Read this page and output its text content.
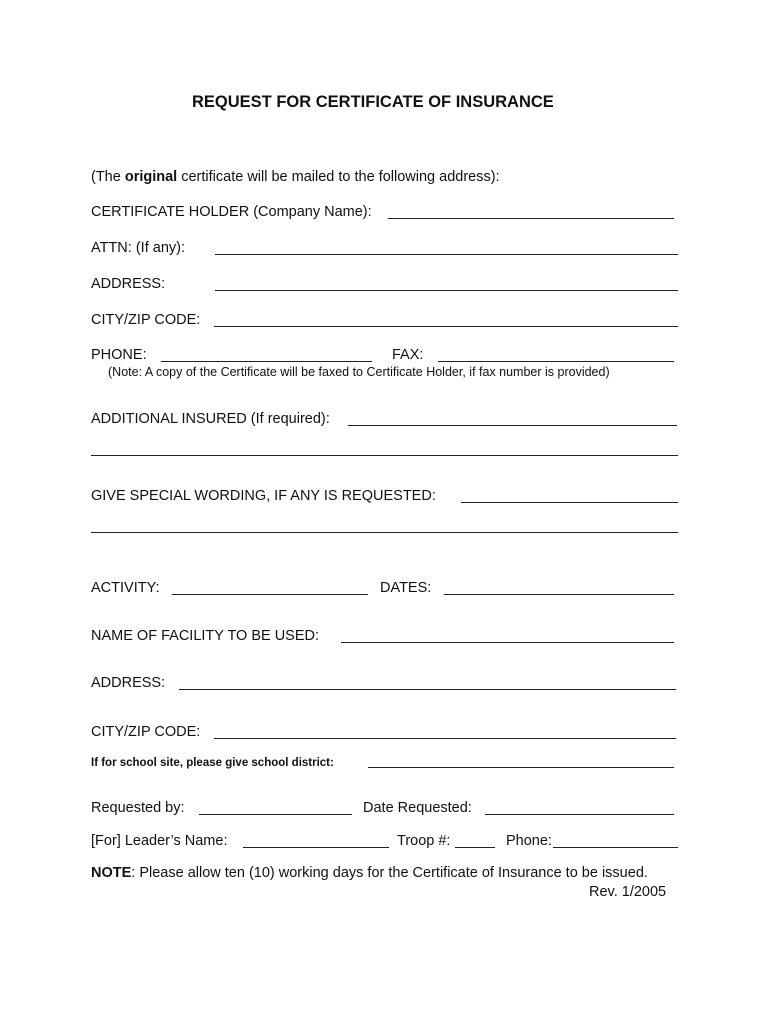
REQUEST FOR CERTIFICATE OF INSURANCE
(The original certificate will be mailed to the following address):
CERTIFICATE HOLDER (Company Name):
ATTN: (If any):
ADDRESS:
CITY/ZIP CODE:
PHONE:	FAX:
(Note: A copy of the Certificate will be faxed to Certificate Holder, if fax number is provided)
ADDITIONAL INSURED (If required):
GIVE SPECIAL WORDING, IF ANY IS REQUESTED:
ACTIVITY:	DATES:
NAME OF FACILITY TO BE USED:
ADDRESS:
CITY/ZIP CODE:
If for school site, please give school district:
Requested by:	Date Requested:
[For] Leader’s Name:	Troop #:	Phone:
NOTE: Please allow ten (10) working days for the Certificate of Insurance to be issued.
Rev. 1/2005
